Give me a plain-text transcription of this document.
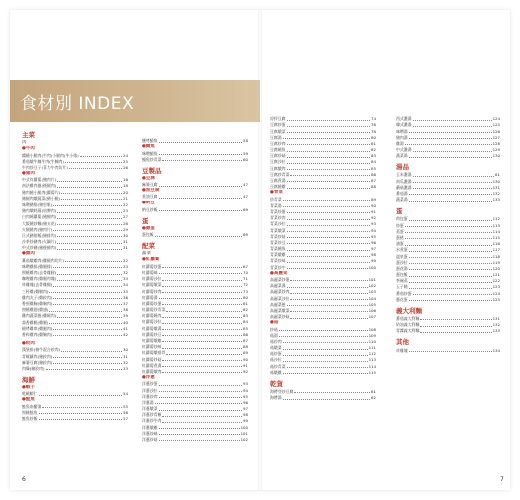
食材別 INDEX
主菜
肉
●牛肉
醬燒小腿肉(牛肉)小腿肉(牛小排)	24
番茄燉牛腩牛肉(牛腩肉)	25
牛肉炒豆子(菲力牛肉切片)	26
●豬肉
中式炸蘿蔔(豬肉片)	16
南法雞肉風(後腿肉)	18
豬肉燒小腿肉(蘿蔔片)	20
豬腿肉燉蔬菜(豬小腿)	21
味噌豬排(豬里肌)	22
豬肉燉時蔬(肩胛肉)	23
白肉燒蘿蔔(豬腿肉)	27
大阪燒炒麵(豬五花)	28
火腿燒肉(豬肉片)	29
日式豬排飯(豬排肉)	30
沙茶炒豬肉(火鍋片)	31
中式炒豬(豬後腿肉)	31
●雞肉
蕃茄燉雞肉(雞腿肉切片)	22
味噌雞排(雞腿排)	23
照燒雞肉(去骨雞腿)	32
咖哩雞肉(雞腿肉塊)	33
炸雞塊(去骨雞腿)	34
三杯雞(雞腿肉)	35
雞肉丸子(雞絞肉)	36
香煎雞胸(雞胸肉)	37
照燒雞翅(雞翅)	38
雞肉蔬菜捲(雞腿肉)	39
蒜香雞腿(雞腿)	40
燒烤雞串(雞腿肉)	41
香料雞肉(雞胸肉)	42
●絞肉
漢堡排(豬牛混合絞肉)	30
青椒鑲肉(豬絞肉)	31
麻婆豆腐(豬絞肉)	32
肉燥(豬絞肉)	33
海鮮
●蝦子
乾燒蝦仁	54
●鮭魚
鮭魚南蠻漬	55
照燒鮭魚	56
鮭魚炒飯	57
鹽烤鯖魚	58
●鯖魚
味噌鯖魚	59
鯖魚炒青菜	60
豆製品
●豆腐
麻婆豆腐	47
●油豆腐
煮油豆腐	47
●納豆
納豆炒飯	69
蛋
●雞蛋
蛋包飯	69
配菜
蔬菜
●紅蘿蔔
紅蘿蔔炒蛋	67
紅蘿蔔絲	70
紅蘿蔔沙拉	71
紅蘿蔔燉菜	72
紅蘿蔔炒肉	73
紅蘿蔔湯	80
紅蘿蔔炒蛋	81
紅蘿蔔炒青菜	82
紅蘿蔔燒肉	83
紅蘿蔔沙拉	84
紅蘿蔔燉湯	85
紅蘿蔔炒豆	86
紅蘿蔔燉雞	87
紅蘿蔔炒絲	88
紅蘿蔔燉排骨	89
紅蘿蔔炒菇	90
紅蘿蔔煮湯	91
紅蘿蔔燉肉	92
●洋蔥
洋蔥炒蛋	93
洋蔥沙拉	94
洋蔥炒肉	95
洋蔥湯	96
洋蔥燉菜	97
洋蔥炒青椒	98
洋蔥炒牛肉	99
洋蔥燉雞	100
洋蔥炒絲	101
洋蔥炒菇	102
涼拌豆腐	74
豆腐炒蛋	76
豆腐燉菜	78
豆腐湯	80
豆腐炒肉	81
豆腐燒魚	82
豆腐炒菇	83
豆腐沙拉	84
豆腐燉肉	85
豆腐炒青菜	86
豆腐煮湯	87
豆腐燒雞	88
●青菜
炒青菜	89
青菜湯	90
青菜炒蛋	91
青菜炒肉	92
青菜沙拉	93
青菜燉菜	94
青菜炒菇	95
青菜炒豆	96
青菜燒魚	97
青菜燉雞	98
青菜炒絲	99
青菜炒牛	100
●高麗菜
高麗菜炒蛋	101
高麗菜湯	102
高麗菜炒肉	103
高麗菜沙拉	104
高麗菜捲	105
高麗菜燉菜	106
高麗菜炒菇	107
●菇
炒菇	108
菇湯	109
菇炒肉	110
菇燉菜	111
菇炒蛋	112
菇沙拉	113
菇炒青菜	114
菇燉雞	115
乾貨
海帶芽炒豆腐	61
海帶湯	62
西式濃湯	124
韓式濃湯	125
味噌湯	126
豬肉湯	127
雞湯	128
中式濃湯	129
蔬菜湯	130
湯品
玉米濃湯	61
南瓜濃湯	130
蘑菇濃湯	131
番茄湯	132
蔬菜湯	133
蛋
荷包蛋	112
炒蛋	113
蒸蛋	114
蛋捲	115
滷蛋	116
水煮蛋	117
溫泉蛋	118
蛋沙拉	119
蛋花湯	120
蛋包飯	121
茶碗蒸	122
玉子燒	123
番茄炒蛋	124
蔥花蛋	125
義大利麵
番茄義大利麵	131
奶油義大利麵	132
青醬義大利麵	133
其他
炸雞塊	134
6	7
